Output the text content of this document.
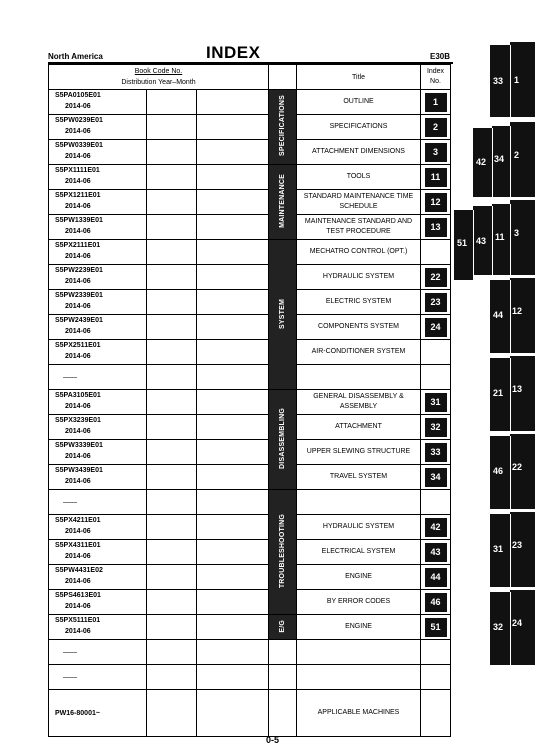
North America	INDEX	E30B
Book Code No.
Distribution Year–Month				Title	Index
No.
S5PA0105E01
2014-06			SPECIFICATIONS	OUTLINE	1
S5PW0239E01
2014-06				SPECIFICATIONS	2
S5PW0339E01
2014-06				ATTACHMENT DIMENSIONS	3
S5PX1111E01
2014-06			MAINTENANCE	TOOLS	11
S5PX1211E01
2014-06				STANDARD MAINTENANCE TIME SCHEDULE	12
S5PW1339E01
2014-06				MAINTENANCE STANDARD AND TEST PROCEDURE	13
S5PX2111E01
2014-06			SYSTEM	MECHATRO CONTROL (OPT.)	
S5PW2239E01
2014-06				HYDRAULIC SYSTEM	22
S5PW2339E01
2014-06				ELECTRIC SYSTEM	23
S5PW2439E01
2014-06				COMPONENTS SYSTEM	24
S5PX2511E01
2014-06				AIR-CONDITIONER SYSTEM	
——					
S5PA3105E01
2014-06			DISASSEMBLING	GENERAL DISASSEMBLY & ASSEMBLY	31
S5PX3239E01
2014-06				ATTACHMENT	32
S5PW3339E01
2014-06				UPPER SLEWING STRUCTURE	33
S5PW3439E01
2014-06				TRAVEL SYSTEM	34
——			TROUBLESHOOTING		
S5PX4211E01
2014-06				HYDRAULIC SYSTEM	42
S5PX4311E01
2014-06				ELECTRICAL SYSTEM	43
S5PW4431E02
2014-06				ENGINE	44
S5PS4613E01
2014-06				BY ERROR CODES	46
S5PX5111E01
2014-06			E/G	ENGINE	51
——					
——					
PW16-80001~				APPLICABLE MACHINES	
1
33
2
34
42
3
11
43
51
12
44
13
21
22
46
23
31
24
32
0-5
